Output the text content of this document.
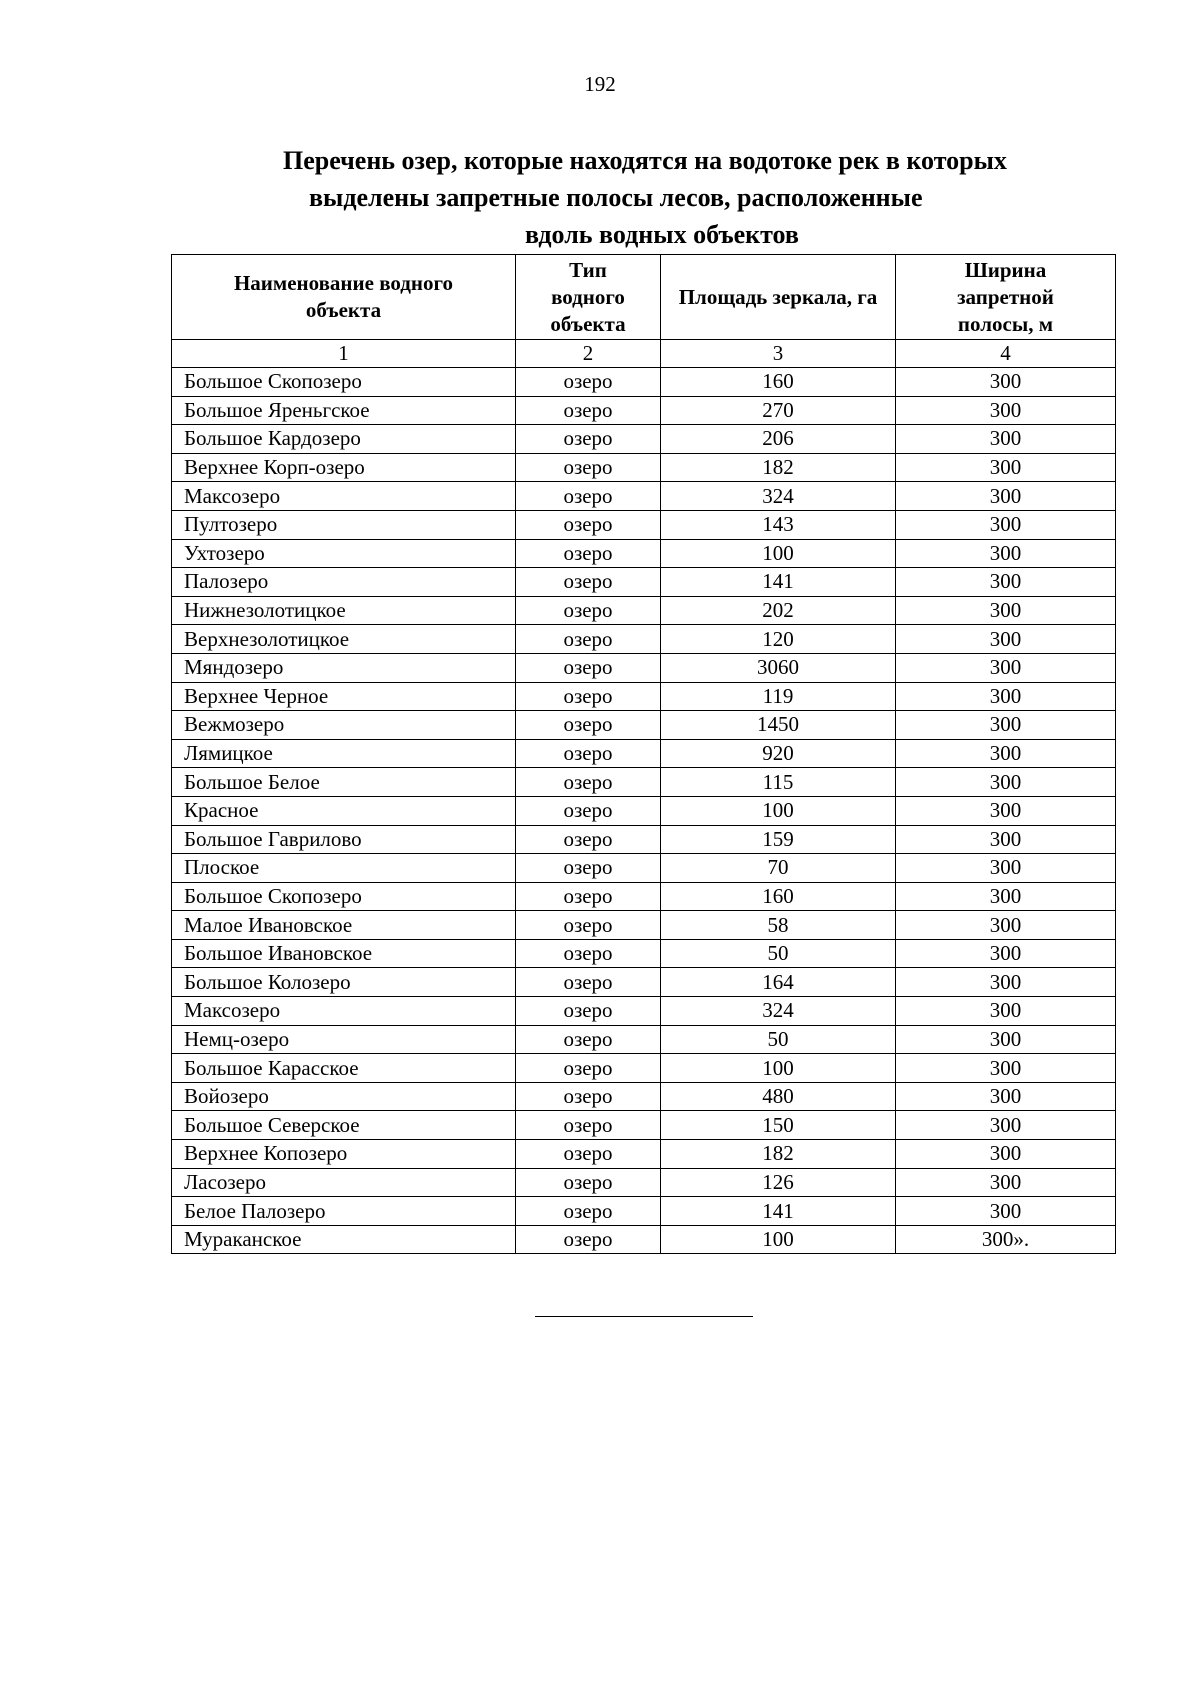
192
Перечень озер, которые находятся на водотоке рек в которых
выделены запретные полосы лесов, расположенные
вдоль водных объектов
Наименование водного объекта	Тип водного объекта	Площадь зеркала, га	Ширина запретной полосы, м
1	2	3	4
Большое Скопозеро	озеро	160	300
Большое Яреньгское	озеро	270	300
Большое Кардозеро	озеро	206	300
Верхнее Корп-озеро	озеро	182	300
Максозеро	озеро	324	300
Пултозеро	озеро	143	300
Ухтозеро	озеро	100	300
Палозеро	озеро	141	300
Нижнезолотицкое	озеро	202	300
Верхнезолотицкое	озеро	120	300
Мяндозеро	озеро	3060	300
Верхнее Черное	озеро	119	300
Вежмозеро	озеро	1450	300
Лямицкое	озеро	920	300
Большое Белое	озеро	115	300
Красное	озеро	100	300
Большое Гаврилово	озеро	159	300
Плоское	озеро	70	300
Большое Скопозеро	озеро	160	300
Малое Ивановское	озеро	58	300
Большое Ивановское	озеро	50	300
Большое Колозеро	озеро	164	300
Максозеро	озеро	324	300
Немц-озеро	озеро	50	300
Большое Карасское	озеро	100	300
Войозеро	озеро	480	300
Большое Северское	озеро	150	300
Верхнее Копозеро	озеро	182	300
Ласозеро	озеро	126	300
Белое Палозеро	озеро	141	300
Мураканское	озеро	100	300».
